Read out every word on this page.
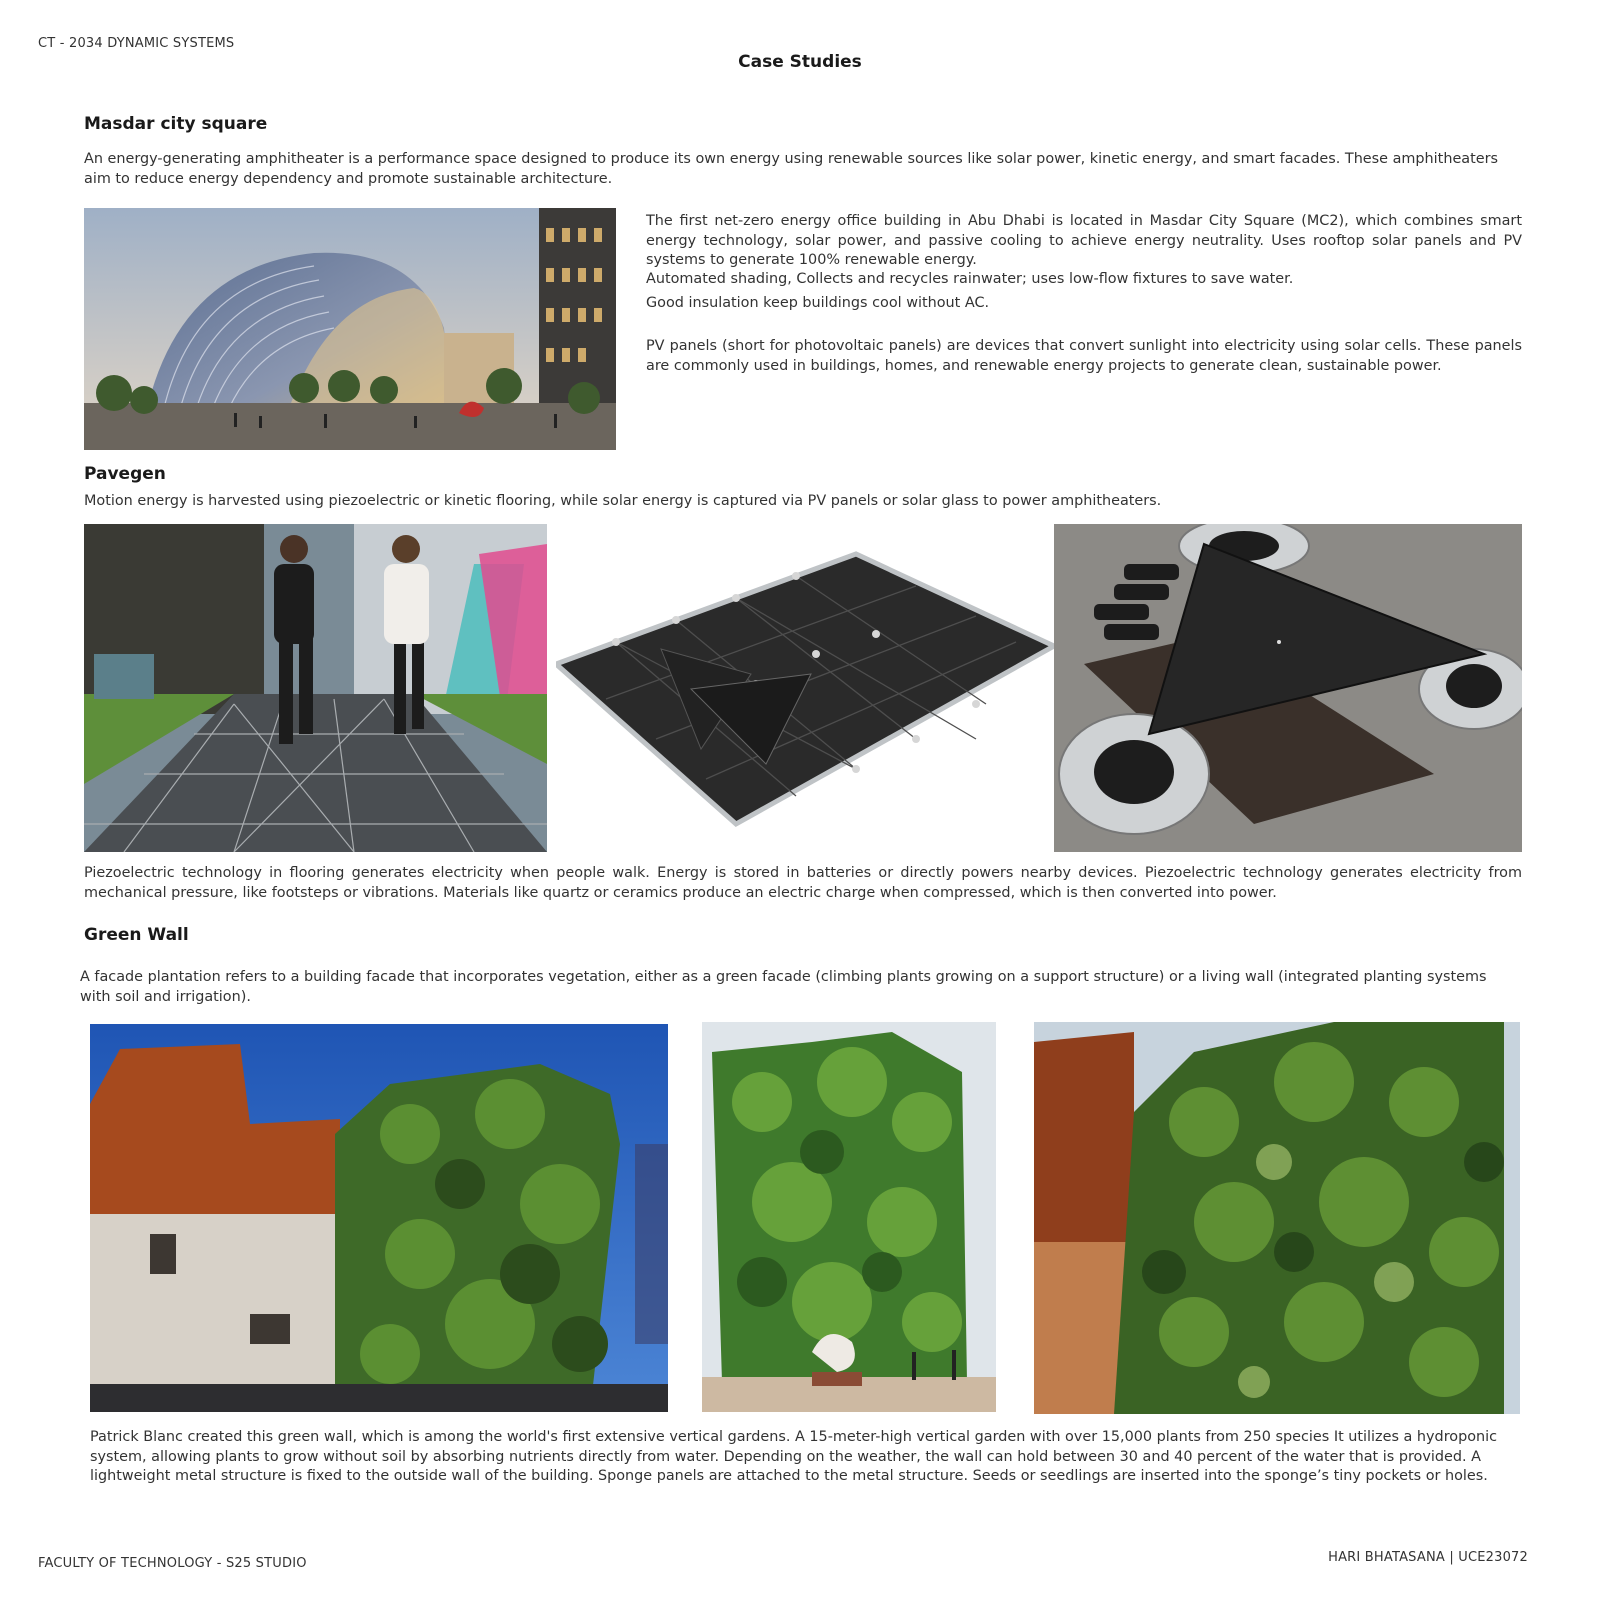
CT - 2034 DYNAMIC SYSTEMS
Case Studies
Masdar city square
An energy-generating amphitheater is a performance space designed to produce its own energy using renewable sources like solar power, kinetic energy, and smart facades. These amphitheaters aim to reduce energy dependency and promote sustainable architecture.
The first net-zero energy office building in Abu Dhabi is located in Masdar City Square (MC2), which combines smart energy technology, solar power, and passive cooling to achieve energy neutrality. Uses rooftop solar panels and PV systems to generate 100% renewable energy.
Automated shading, Collects and recycles rainwater; uses low-flow fixtures to save water.
Good insulation keep buildings cool without AC.
PV panels (short for photovoltaic panels) are devices that convert sunlight into electricity using solar cells. These panels are commonly used in buildings, homes, and renewable energy projects to generate clean, sustainable power.
Pavegen
Motion energy is harvested using piezoelectric or kinetic flooring, while solar energy is captured via PV panels or solar glass to power amphitheaters.
Piezoelectric technology in flooring generates electricity when people walk. Energy is stored in batteries or directly powers nearby devices. Piezoelectric technology generates electricity from mechanical pressure, like footsteps or vibrations. Materials like quartz or ceramics produce an electric charge when compressed, which is then converted into power.
Green Wall
A facade plantation refers to a building facade that incorporates vegetation, either as a green facade (climbing plants growing on a support structure) or a living wall (integrated planting systems with soil and irrigation).
Patrick Blanc created this green wall, which is among the world's first extensive vertical gardens. A 15-meter-high vertical garden with over 15,000 plants from 250 species It utilizes a hydroponic system, allowing plants to grow without soil by absorbing nutrients directly from water. Depending on the weather, the wall can hold between 30 and 40 percent of the water that is provided. A lightweight metal structure is fixed to the outside wall of the building. Sponge panels are attached to the metal structure. Seeds or seedlings are inserted into the sponge’s tiny pockets or holes.
FACULTY OF TECHNOLOGY - S25 STUDIO	HARI BHATASANA | UCE23072
